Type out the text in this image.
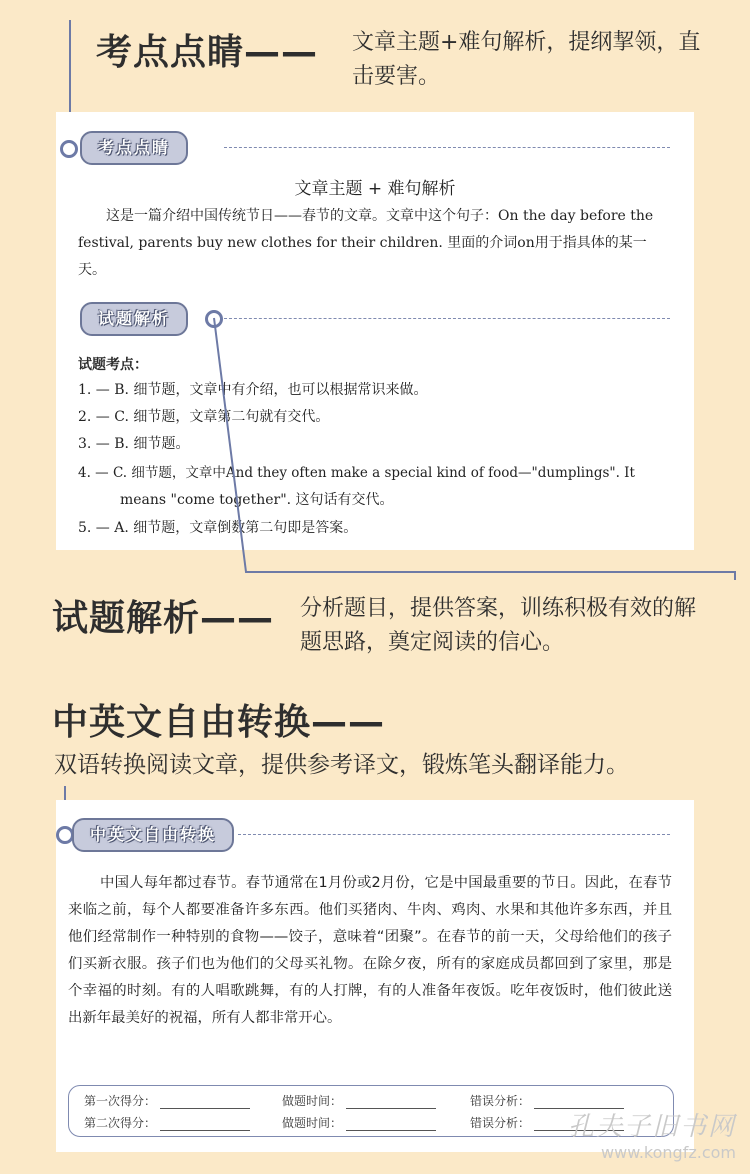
考点点睛—— 文章主题+难句解析，提纲挈领，直击要害。
考点点睛
文章主题 + 难句解析
这是一篇介绍中国传统节日——春节的文章。文章中这个句子：On the day before the festival, parents buy new clothes for their children. 里面的介词on用于指具体的某一天。
试题解析
试题考点：
1. — B. 细节题，文章中有介绍，也可以根据常识来做。
2. — C. 细节题，文章第二句就有交代。
3. — B. 细节题。
4. — C. 细节题，文章中And they often make a special kind of food—"dumplings". It
means "come together". 这句话有交代。
5. — A. 细节题，文章倒数第二句即是答案。
试题解析—— 分析题目，提供答案，训练积极有效的解题思路，奠定阅读的信心。
中英文自由转换——
双语转换阅读文章，提供参考译文，锻炼笔头翻译能力。
中英文自由转换
中国人每年都过春节。春节通常在1月份或2月份，它是中国最重要的节日。因此，在春节来临之前，每个人都要准备许多东西。他们买猪肉、牛肉、鸡肉、水果和其他许多东西，并且他们经常制作一种特别的食物——饺子，意味着“团聚”。在春节的前一天，父母给他们的孩子们买新衣服。孩子们也为他们的父母买礼物。在除夕夜，所有的家庭成员都回到了家里，那是个幸福的时刻。有的人唱歌跳舞，有的人打牌，有的人准备年夜饭。吃年夜饭时，他们彼此送出新年最美好的祝福，所有人都非常开心。
第一次得分：	做题时间：	错误分析：
第二次得分：	做题时间：	错误分析：	孔夫子旧书网
www.kongfz.com
